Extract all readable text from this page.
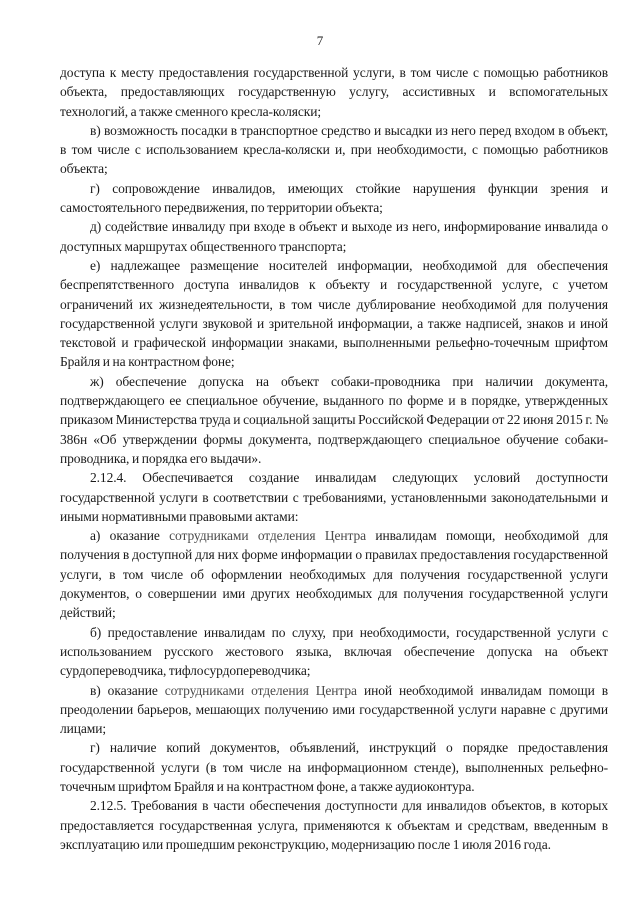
7

доступа к месту предоставления государственной услуги, в том числе с помощью работников объекта, предоставляющих государственную услугу, ассистивных и вспомогательных технологий, а также сменного кресла-коляски;

в) возможность посадки в транспортное средство и высадки из него перед входом в объект, в том числе с использованием кресла-коляски и, при необходимости, с помощью работников объекта;

г) сопровождение инвалидов, имеющих стойкие нарушения функции зрения и самостоятельного передвижения, по территории объекта;

д) содействие инвалиду при входе в объект и выходе из него, информирование инвалида о доступных маршрутах общественного транспорта;

е) надлежащее размещение носителей информации, необходимой для обеспечения беспрепятственного доступа инвалидов к объекту и государственной услуге, с учетом ограничений их жизнедеятельности, в том числе дублирование необходимой для получения государственной услуги звуковой и зрительной информации, а также надписей, знаков и иной текстовой и графической информации знаками, выполненными рельефно-точечным шрифтом Брайля и на контрастном фоне;

ж) обеспечение допуска на объект собаки-проводника при наличии документа, подтверждающего ее специальное обучение, выданного по форме и в порядке, утвержденных приказом Министерства труда и социальной защиты Российской Федерации от 22 июня 2015 г. № 386н «Об утверждении формы документа, подтверждающего специальное обучение собаки-проводника, и порядка его выдачи».

2.12.4. Обеспечивается создание инвалидам следующих условий доступности государственной услуги в соответствии с требованиями, установленными законодательными и иными нормативными правовыми актами:

а) оказание сотрудниками отделения Центра инвалидам помощи, необходимой для получения в доступной для них форме информации о правилах предоставления государственной услуги, в том числе об оформлении необходимых для получения государственной услуги документов, о совершении ими других необходимых для получения государственной услуги действий;

б) предоставление инвалидам по слуху, при необходимости, государственной услуги с использованием русского жестового языка, включая обеспечение допуска на объект сурдопереводчика, тифлосурдопереводчика;

в) оказание сотрудниками отделения Центра иной необходимой инвалидам помощи в преодолении барьеров, мешающих получению ими государственной услуги наравне с другими лицами;

г) наличие копий документов, объявлений, инструкций о порядке предоставления государственной услуги (в том числе на информационном стенде), выполненных рельефно-точечным шрифтом Брайля и на контрастном фоне, а также аудиоконтура.

2.12.5. Требования в части обеспечения доступности для инвалидов объектов, в которых предоставляется государственная услуга, применяются к объектам и средствам, введенным в эксплуатацию или прошедшим реконструкцию, модернизацию после 1 июля 2016 года.
